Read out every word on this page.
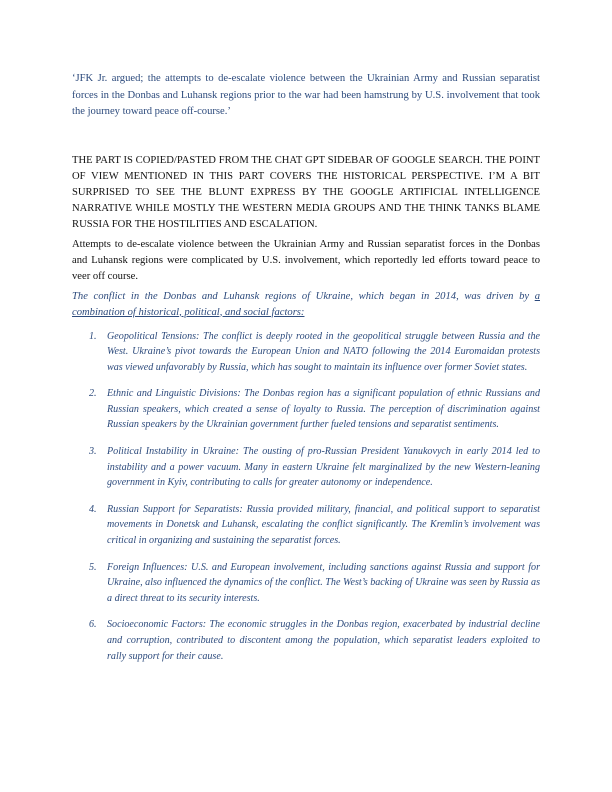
‘JFK Jr. argued; the attempts to de-escalate violence between the Ukrainian Army and Russian separatist forces in the Donbas and Luhansk regions prior to the war had been hamstrung by U.S. involvement that took the journey toward peace off-course.’

THE PART IS COPIED/PASTED FROM THE CHAT GPT SIDEBAR OF GOOGLE SEARCH. THE POINT OF VIEW MENTIONED IN THIS PART COVERS THE HISTORICAL PERSPECTIVE. I’M A BIT SURPRISED TO SEE THE BLUNT EXPRESS BY THE GOOGLE ARTIFICIAL INTELLIGENCE NARRATIVE WHILE MOSTLY THE WESTERN MEDIA GROUPS AND THE THINK TANKS BLAME RUSSIA FOR THE HOSTILITIES AND ESCALATION.

Attempts to de-escalate violence between the Ukrainian Army and Russian separatist forces in the Donbas and Luhansk regions were complicated by U.S. involvement, which reportedly led efforts toward peace to veer off course.

The conflict in the Donbas and Luhansk regions of Ukraine, which began in 2014, was driven by a combination of historical, political, and social factors:

1. Geopolitical Tensions: The conflict is deeply rooted in the geopolitical struggle between Russia and the West. Ukraine’s pivot towards the European Union and NATO following the 2014 Euromaidan protests was viewed unfavorably by Russia, which has sought to maintain its influence over former Soviet states.
2. Ethnic and Linguistic Divisions: The Donbas region has a significant population of ethnic Russians and Russian speakers, which created a sense of loyalty to Russia. The perception of discrimination against Russian speakers by the Ukrainian government further fueled tensions and separatist sentiments.
3. Political Instability in Ukraine: The ousting of pro-Russian President Yanukovych in early 2014 led to instability and a power vacuum. Many in eastern Ukraine felt marginalized by the new Western-leaning government in Kyiv, contributing to calls for greater autonomy or independence.
4. Russian Support for Separatists: Russia provided military, financial, and political support to separatist movements in Donetsk and Luhansk, escalating the conflict significantly. The Kremlin’s involvement was critical in organizing and sustaining the separatist forces.
5. Foreign Influences: U.S. and European involvement, including sanctions against Russia and support for Ukraine, also influenced the dynamics of the conflict. The West’s backing of Ukraine was seen by Russia as a direct threat to its security interests.
6. Socioeconomic Factors: The economic struggles in the Donbas region, exacerbated by industrial decline and corruption, contributed to discontent among the population, which separatist leaders exploited to rally support for their cause.
